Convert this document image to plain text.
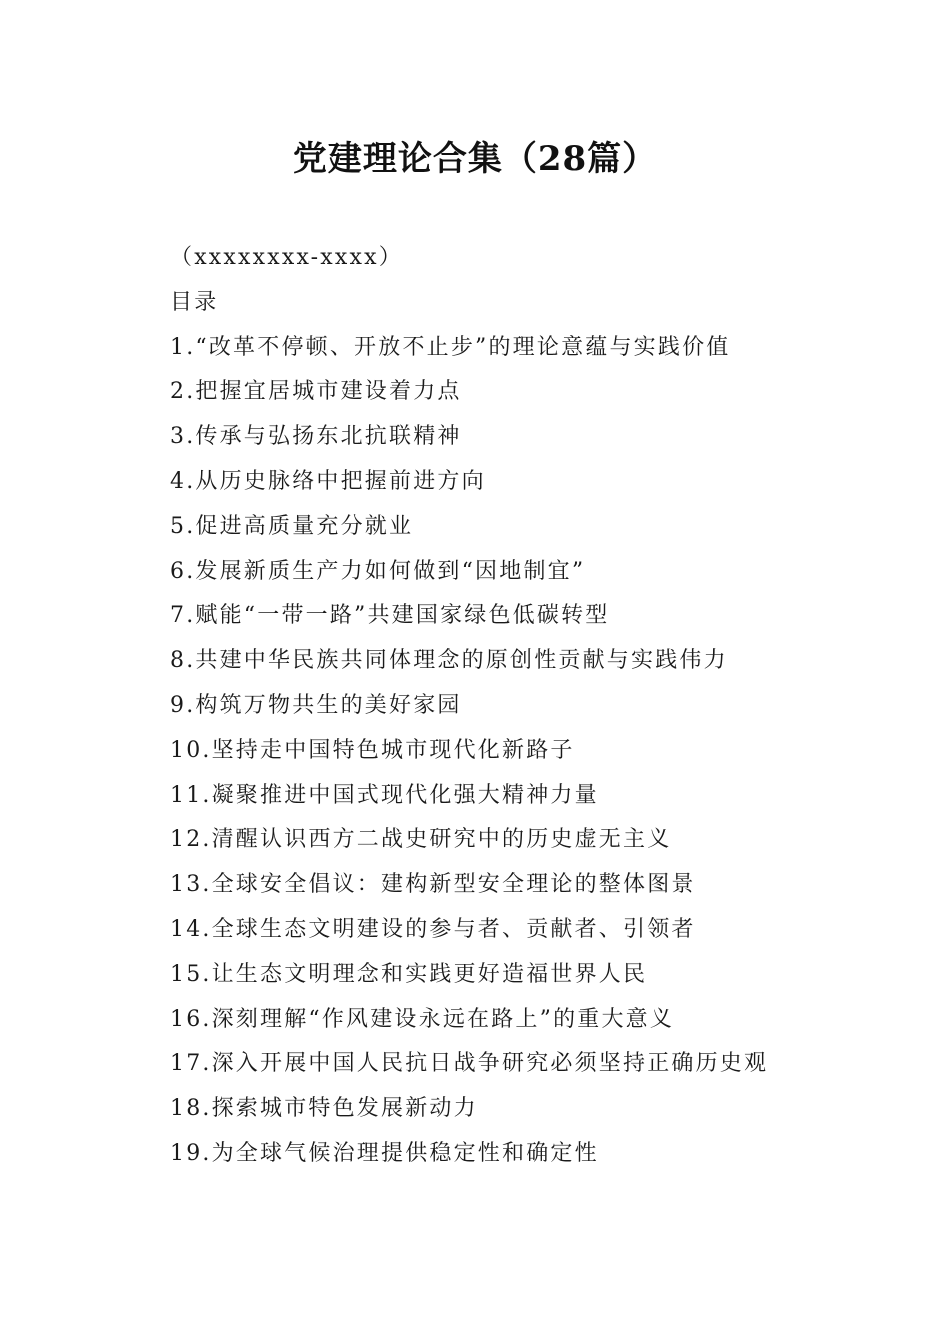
党建理论合集（28篇）
（xxxxxxxx-xxxx）
目录
1.“改革不停顿、开放不止步”的理论意蕴与实践价值
2.把握宜居城市建设着力点
3.传承与弘扬东北抗联精神
4.从历史脉络中把握前进方向
5.促进高质量充分就业
6.发展新质生产力如何做到“因地制宜”
7.赋能“一带一路”共建国家绿色低碳转型
8.共建中华民族共同体理念的原创性贡献与实践伟力
9.构筑万物共生的美好家园
10.坚持走中国特色城市现代化新路子
11.凝聚推进中国式现代化强大精神力量
12.清醒认识西方二战史研究中的历史虚无主义
13.全球安全倡议：建构新型安全理论的整体图景
14.全球生态文明建设的参与者、贡献者、引领者
15.让生态文明理念和实践更好造福世界人民
16.深刻理解“作风建设永远在路上”的重大意义
17.深入开展中国人民抗日战争研究必须坚持正确历史观
18.探索城市特色发展新动力
19.为全球气候治理提供稳定性和确定性
